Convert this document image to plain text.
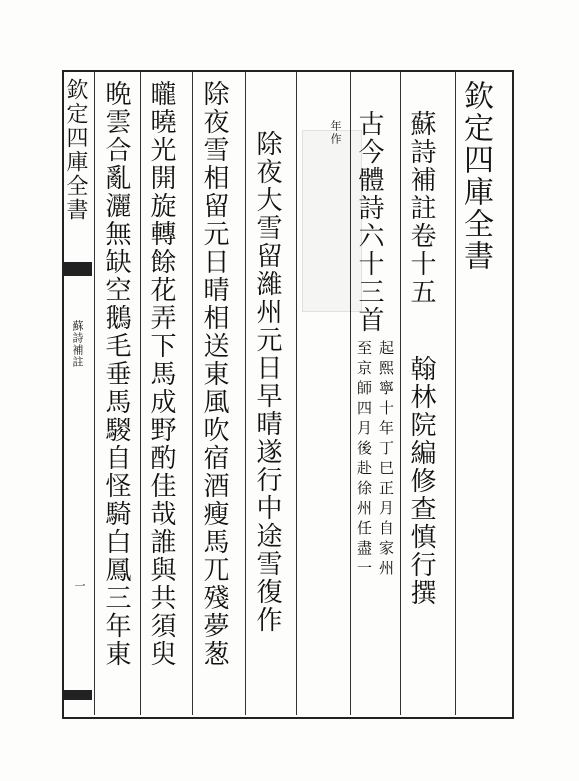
欽定四庫全書
蘇詩補註卷十五
翰林院編修查慎行撰
古今體詩六十三首
起熙寧十年丁巳正月自家州
至京師四月後赴徐州任盡一
年作
除夜大雪留濰州元日早晴遂行中途雪復作
除夜雪相留元日晴相送東風吹宿酒瘦馬兀殘夢葱
曨曉光開旋轉餘花弄下馬成野酌佳哉誰與共須臾
晩雲合亂灑無缺空鵝毛垂馬騣自怪騎白鳳三年東
欽定四庫全書
蘇詩補註
一
